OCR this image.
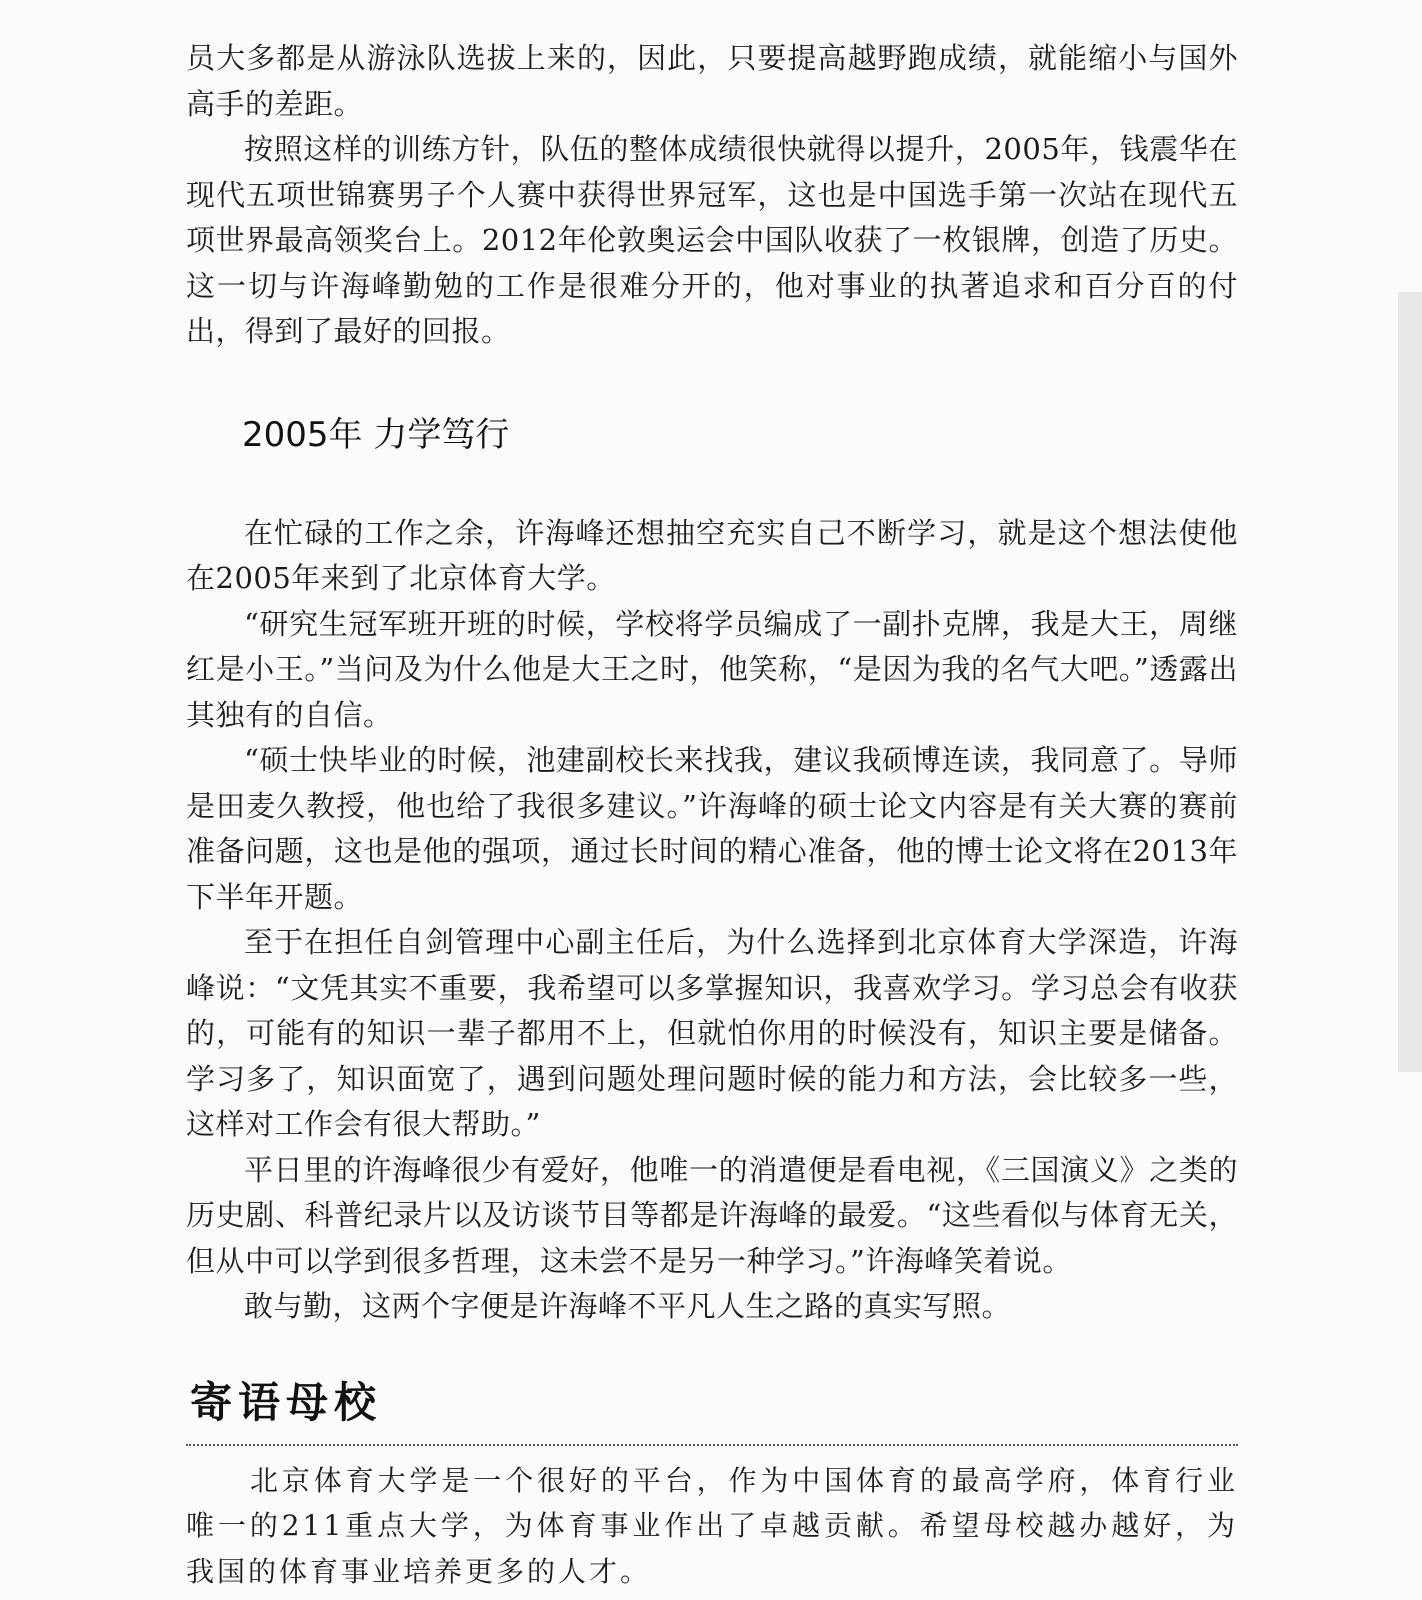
员大多都是从游泳队选拔上来的，因此，只要提高越野跑成绩，就能缩小与国外高手的差距。

按照这样的训练方针，队伍的整体成绩很快就得以提升，2005年，钱震华在现代五项世锦赛男子个人赛中获得世界冠军，这也是中国选手第一次站在现代五项世界最高领奖台上。2012年伦敦奥运会中国队收获了一枚银牌，创造了历史。这一切与许海峰勤勉的工作是很难分开的，他对事业的执著追求和百分百的付出，得到了最好的回报。

2005年 力学笃行

在忙碌的工作之余，许海峰还想抽空充实自己不断学习，就是这个想法使他在2005年来到了北京体育大学。

“研究生冠军班开班的时候，学校将学员编成了一副扑克牌，我是大王，周继红是小王。”当问及为什么他是大王之时，他笑称，“是因为我的名气大吧。”透露出其独有的自信。

“硕士快毕业的时候，池建副校长来找我，建议我硕博连读，我同意了。导师是田麦久教授，他也给了我很多建议。”许海峰的硕士论文内容是有关大赛的赛前准备问题，这也是他的强项，通过长时间的精心准备，他的博士论文将在2013年下半年开题。

至于在担任自剑管理中心副主任后，为什么选择到北京体育大学深造，许海峰说：“文凭其实不重要，我希望可以多掌握知识，我喜欢学习。学习总会有收获的，可能有的知识一辈子都用不上，但就怕你用的时候没有，知识主要是储备。学习多了，知识面宽了，遇到问题处理问题时候的能力和方法，会比较多一些，这样对工作会有很大帮助。”

平日里的许海峰很少有爱好，他唯一的消遣便是看电视，《三国演义》之类的历史剧、科普纪录片以及访谈节目等都是许海峰的最爱。“这些看似与体育无关，但从中可以学到很多哲理，这未尝不是另一种学习。”许海峰笑着说。

敢与勤，这两个字便是许海峰不平凡人生之路的真实写照。

寄语母校

北京体育大学是一个很好的平台，作为中国体育的最高学府，体育行业唯一的211重点大学，为体育事业作出了卓越贡献。希望母校越办越好，为我国的体育事业培养更多的人才。
